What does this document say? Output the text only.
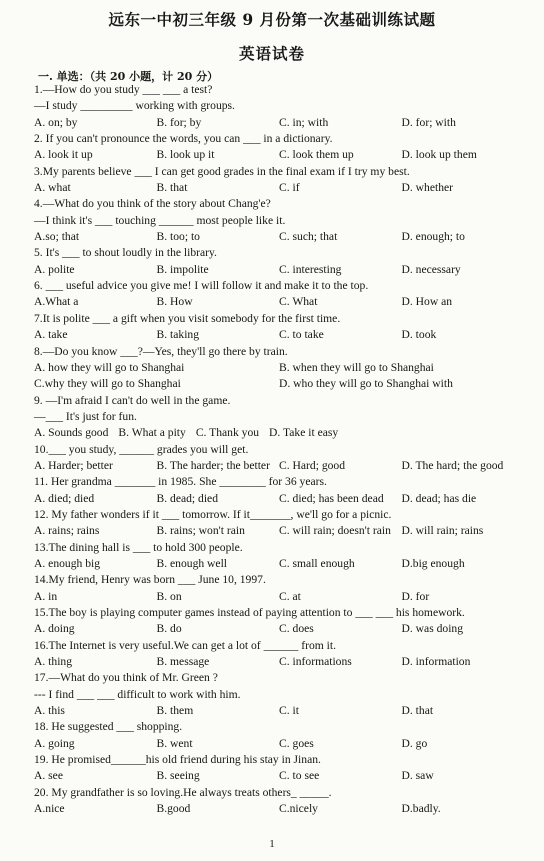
远东一中初三年级 9 月份第一次基础训练试题
英语试卷
一. 单选：（共 20 小题，计 20 分）
1.—How do you study ___ ___ a test?
—I study _________ working with groups.
A. on; by	B. for; by	C. in; with	D. for; with
2. If you can't pronounce the words, you can ___ in a dictionary.
A. look it up	B. look up it	C. look them up	D. look up them
3.My parents believe ___ I can get good grades in the final exam if I try my best.
A. what	B. that	C. if	D. whether
4.—What do you think of the story about Chang'e?
—I think it's ___ touching ______ most people like it.
A.so; that	B. too; to	C. such; that	D. enough; to
5. It's ___ to shout loudly in the library.
A. polite	B. impolite	C. interesting	D. necessary
6. ___ useful advice you give me! I will follow it and make it to the top.
A.What a	B. How	C. What	D. How an
7.It is polite ___ a gift when you visit somebody for the first time.
A. take	B. taking	C. to take	D. took
8.—Do you know ___?—Yes, they'll go there by train.
A. how they will go to Shanghai	B. when they will go to Shanghai
C.why they will go to Shanghai	D. who they will go to Shanghai with
9. —I'm afraid I can't do well in the game.
—___ It's just for fun.
A. Sounds good B. What a pity C. Thank you D. Take it easy
10.___ you study, ______ grades you will get.
A. Harder; better	B. The harder; the better C. Hard; good	D. The hard; the good
11. Her grandma _______ in 1985. She ________ for 36 years.
A. died; died	B. dead; died	C. died; has been dead	D. dead; has die
12. My father wonders if it ___ tomorrow. If it_______, we'll go for a picnic.
A. rains; rains	B. rains; won't rain	C. will rain; doesn't rain D. will rain; rains
13.The dining hall is ___ to hold 300 people.
A. enough big	B. enough well	C. small enough	D.big enough
14.My friend, Henry was born ___ June 10, 1997.
A. in	B. on	C. at	D. for
15.The boy is playing computer games instead of paying attention to ___ ___ his homework.
A. doing	B. do	C. does	D. was doing
16.The Internet is very useful.We can get a lot of ______ from it.
A. thing	B. message	C. informations	D. information
17.—What do you think of Mr. Green ?
--- I find ___ ___ difficult to work with him.
A. this	B. them	C. it	D. that
18. He suggested ___ shopping.
A. going	B. went	C. goes	D. go
19. He promised______his old friend during his stay in Jinan.
A. see	B. seeing	C. to see	D. saw
20. My grandfather is so loving.He always treats others_ _____.
A.nice	B.good	C.nicely	D.badly.
1
